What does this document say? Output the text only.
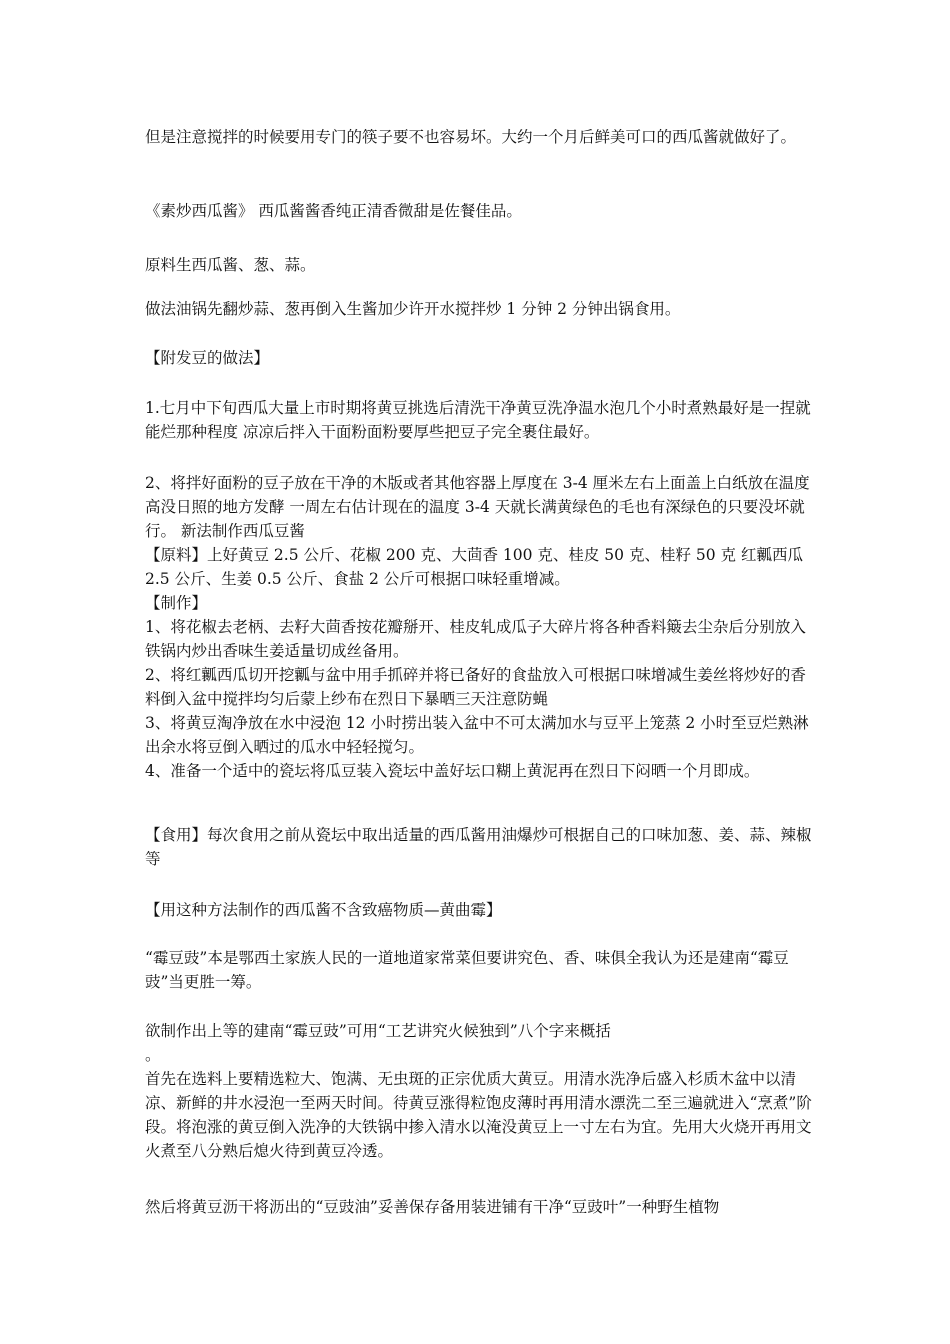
但是注意搅拌的时候要用专门的筷子要不也容易坏。大约一个月后鲜美可口的西瓜酱就做好了。
《素炒西瓜酱》 西瓜酱酱香纯正清香微甜是佐餐佳品。
原料生西瓜酱、葱、蒜。
做法油锅先翻炒蒜、葱再倒入生酱加少许开水搅拌炒 1 分钟 2 分钟出锅食用。
【附发豆的做法】
1.七月中下旬西瓜大量上市时期将黄豆挑选后清洗干净黄豆洗净温水泡几个小时煮熟最好是一捏就能烂那种程度 凉凉后拌入干面粉面粉要厚些把豆子完全裹住最好。
2、将拌好面粉的豆子放在干净的木版或者其他容器上厚度在 3-4 厘米左右上面盖上白纸放在温度高没日照的地方发酵 一周左右估计现在的温度 3-4 天就长满黄绿色的毛也有深绿色的只要没坏就行。 新法制作西瓜豆酱
【原料】上好黄豆 2.5 公斤、花椒 200 克、大茴香 100 克、桂皮 50 克、桂籽 50 克 红瓤西瓜 2.5 公斤、生姜 0.5 公斤、食盐 2 公斤可根据口味轻重增减。
【制作】
1、将花椒去老柄、去籽大茴香按花瓣掰开、桂皮轧成瓜子大碎片将各种香料簸去尘杂后分别放入铁锅内炒出香味生姜适量切成丝备用。
2、将红瓤西瓜切开挖瓤与盆中用手抓碎并将已备好的食盐放入可根据口味增减生姜丝将炒好的香料倒入盆中搅拌均匀后蒙上纱布在烈日下暴晒三天注意防蝇
3、将黄豆淘净放在水中浸泡 12 小时捞出装入盆中不可太满加水与豆平上笼蒸 2 小时至豆烂熟淋出余水将豆倒入晒过的瓜水中轻轻搅匀。
4、准备一个适中的瓷坛将瓜豆装入瓷坛中盖好坛口糊上黄泥再在烈日下闷晒一个月即成。
【食用】每次食用之前从瓷坛中取出适量的西瓜酱用油爆炒可根据自己的口味加葱、姜、蒜、辣椒等
【用这种方法制作的西瓜酱不含致癌物质—黄曲霉】
“霉豆豉”本是鄂西土家族人民的一道地道家常菜但要讲究色、香、味俱全我认为还是建南“霉豆豉”当更胜一筹。
欲制作出上等的建南“霉豆豉”可用“工艺讲究火候独到”八个字来概括
。
首先在选料上要精选粒大、饱满、无虫斑的正宗优质大黄豆。用清水洗净后盛入杉质木盆中以清凉、新鲜的井水浸泡一至两天时间。待黄豆涨得粒饱皮薄时再用清水漂洗二至三遍就进入“烹煮”阶段。将泡涨的黄豆倒入洗净的大铁锅中掺入清水以淹没黄豆上一寸左右为宜。先用大火烧开再用文火煮至八分熟后熄火待到黄豆冷透。
然后将黄豆沥干将沥出的“豆豉油”妥善保存备用装进铺有干净“豆豉叶”一种野生植物
